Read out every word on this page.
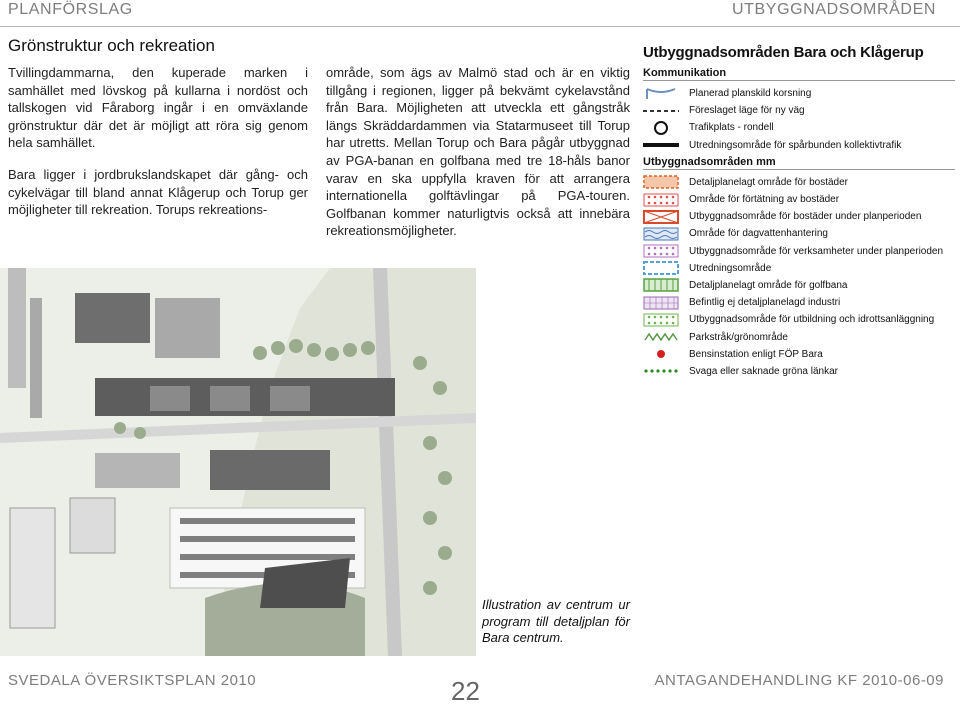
PLANFÖRSLAG	UTBYGGNADSOMRÅDEN
Grönstruktur och rekreation

Tvillingdammarna, den kuperade marken i samhället med lövskog på kullarna i nordöst och tallskogen vid Fåraborg ingår i en omväxlande grönstruktur där det är möjligt att röra sig genom hela samhället.

Bara ligger i jordbrukslandskapet där gång- och cykelvägar till bland annat Klågerup och Torup ger möjligheter till rekreation. Torups rekreations-

område, som ägs av Malmö stad och är en viktig tillgång i regionen, ligger på bekvämt cykelavstånd från Bara. Möjligheten att utveckla ett gångstråk längs Skräddardammen via Statarmuseet till Torup har utretts. Mellan Torup och Bara pågår utbyggnad av PGA-banan en golfbana med tre 18-håls banor varav en ska uppfylla kraven för att arrangera internationella golftävlingar på PGA-touren. Golfbanan kommer naturligtvis också att innebära rekreationsmöjligheter.

Utbyggnadsområden Bara och Klågerup
Kommunikation
Planerad planskild korsning
Föreslaget läge för ny väg
Trafikplats - rondell
Utredningsområde för spårbunden kollektivtrafik
Utbyggnadsområden mm
Detaljplanelagt område för bostäder
Område för förtätning av bostäder
Utbyggnadsområde för bostäder under planperioden
Område för dagvattenhantering
Utbyggnadsområde för verksamheter under planperioden
Utredningsområde
Detaljplanelagt område för golfbana
Befintlig ej detaljplanelagd industri
Utbyggnadsområde för utbildning och idrottsanläggning
Parkstråk/grönområde
Bensinstation enligt FÖP Bara
Svaga eller saknade gröna länkar
Illustration av centrum ur program till detaljplan för Bara centrum.
SVEDALA ÖVERSIKTSPLAN 2010	22	ANTAGANDEHANDLING KF 2010-06-09
